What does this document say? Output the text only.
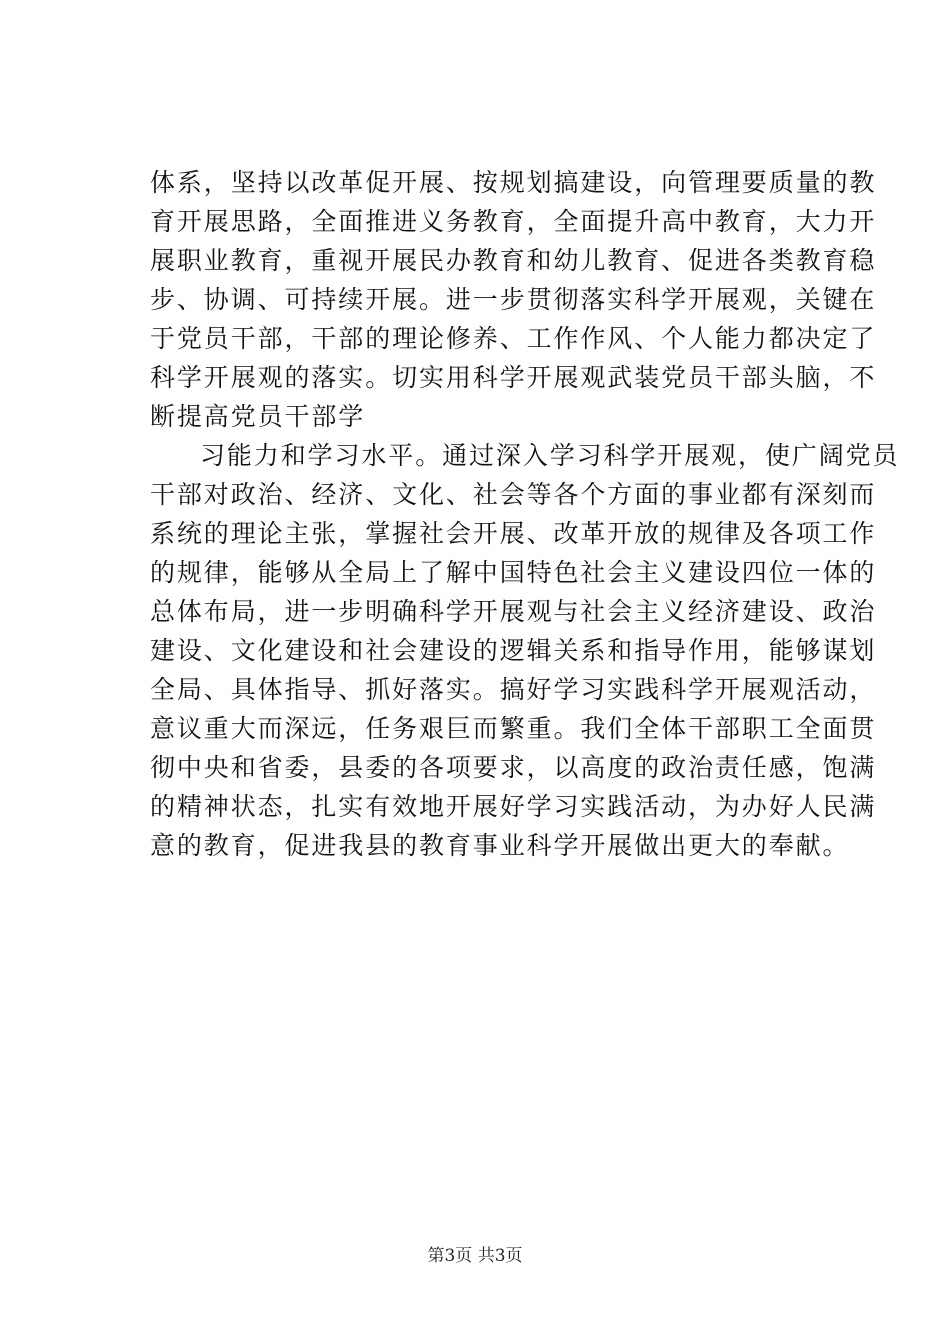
体系，坚持以改革促开展、按规划搞建设，向管理要质量的教
育开展思路，全面推进义务教育，全面提升高中教育，大力开
展职业教育，重视开展民办教育和幼儿教育、促进各类教育稳
步、协调、可持续开展。进一步贯彻落实科学开展观，关键在
于党员干部，干部的理论修养、工作作风、个人能力都决定了
科学开展观的落实。切实用科学开展观武装党员干部头脑，不
断提高党员干部学
习能力和学习水平。通过深入学习科学开展观，使广阔党员
干部对政治、经济、文化、社会等各个方面的事业都有深刻而
系统的理论主张，掌握社会开展、改革开放的规律及各项工作
的规律，能够从全局上了解中国特色社会主义建设四位一体的
总体布局，进一步明确科学开展观与社会主义经济建设、政治
建设、文化建设和社会建设的逻辑关系和指导作用，能够谋划
全局、具体指导、抓好落实。搞好学习实践科学开展观活动，
意议重大而深远，任务艰巨而繁重。我们全体干部职工全面贯
彻中央和省委，县委的各项要求，以高度的政治责任感，饱满
的精神状态，扎实有效地开展好学习实践活动，为办好人民满
意的教育，促进我县的教育事业科学开展做出更大的奉献。
第3页 共3页
